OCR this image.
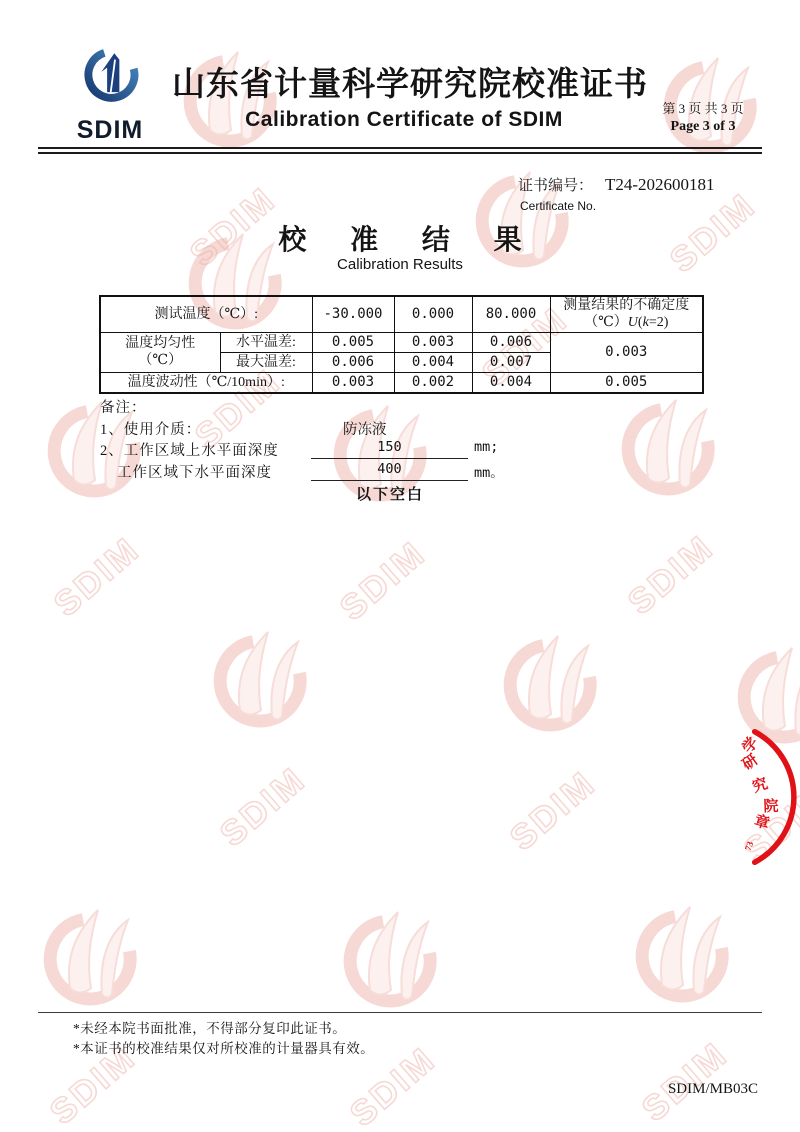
SDIM
山东省计量科学研究院校准证书
Calibration Certificate of SDIM	第 3 页 共 3 页
Page 3 of 3
证书编号： T24-202600181
Certificate No.
校 准 结 果
Calibration Results
测试温度（℃）:		-30.000	0.000	80.000	测量结果的不确定度
（℃）U(k=2)
温度均匀性
（℃）	水平温差:	0.005	0.003	0.006	0.003
	最大温差:	0.006	0.004	0.007	
温度波动性（℃/10min）:		0.003	0.002	0.004	0.005
备注：
1、使用介质：	防冻液
2、工作区域上水平面深度	150	mm;
工作区域下水平面深度	400	mm。
以下空白
学
研
究
院
章
73
*未经本院书面批准，不得部分复印此证书。
*本证书的校准结果仅对所校准的计量器具有效。
SDIM/MB03C
